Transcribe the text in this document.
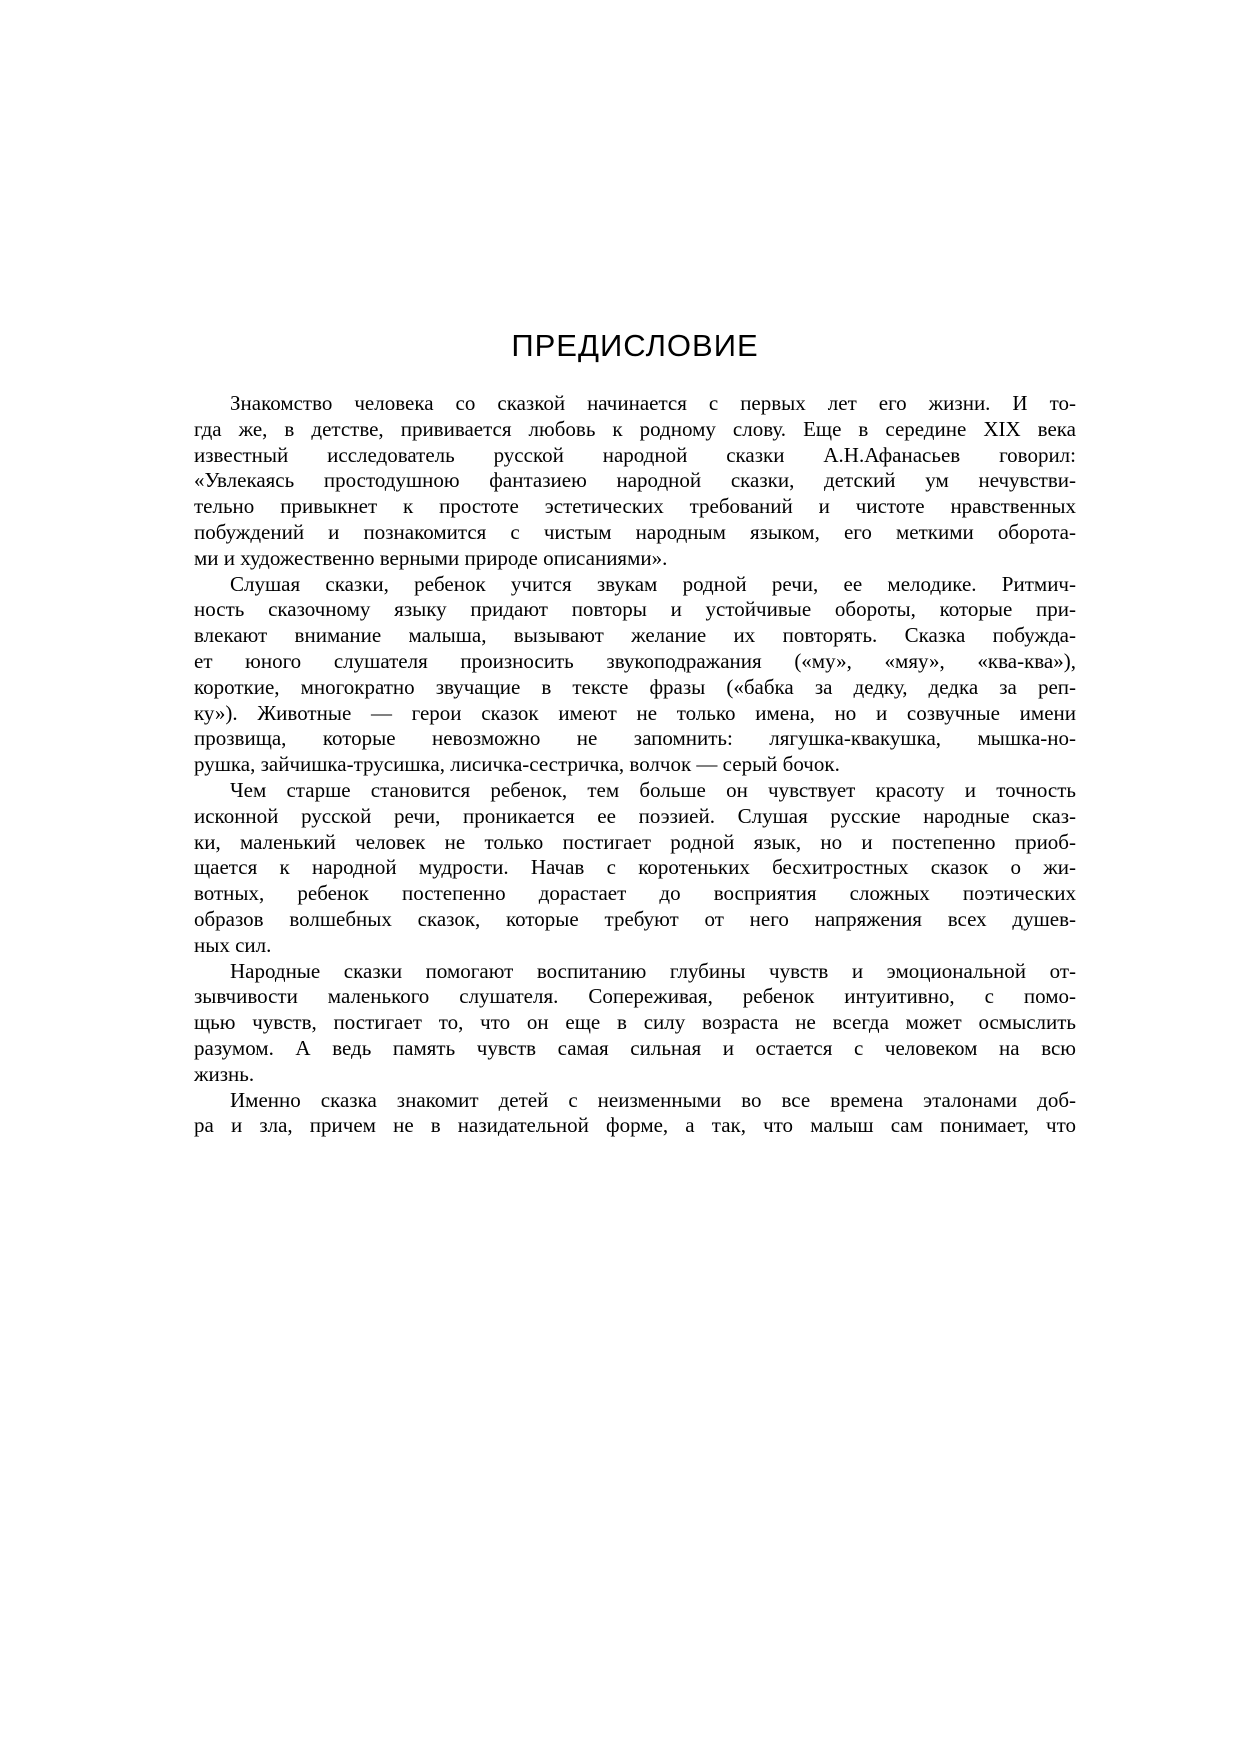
ПРЕДИСЛОВИЕ
Знакомство человека со сказкой начинается с первых лет его жизни. И то-
гда же, в детстве, прививается любовь к родному слову. Еще в середине XIX века
известный исследователь русской народной сказки А.Н.Афанасьев говорил:
«Увлекаясь простодушною фантазиею народной сказки, детский ум нечувстви-
тельно привыкнет к простоте эстетических требований и чистоте нравственных
побуждений и познакомится с чистым народным языком, его меткими оборота-
ми и художественно верными природе описаниями».
Слушая сказки, ребенок учится звукам родной речи, ее мелодике. Ритмич-
ность сказочному языку придают повторы и устойчивые обороты, которые при-
влекают внимание малыша, вызывают желание их повторять. Сказка побужда-
ет юного слушателя произносить звукоподражания («му», «мяу», «ква-ква»),
короткие, многократно звучащие в тексте фразы («бабка за дедку, дедка за реп-
ку»). Животные — герои сказок имеют не только имена, но и созвучные имени
прозвища, которые невозможно не запомнить: лягушка-квакушка, мышка-но-
рушка, зайчишка-трусишка, лисичка-сестричка, волчок — серый бочок.
Чем старше становится ребенок, тем больше он чувствует красоту и точность
исконной русской речи, проникается ее поэзией. Слушая русские народные сказ-
ки, маленький человек не только постигает родной язык, но и постепенно приоб-
щается к народной мудрости. Начав с коротеньких бесхитростных сказок о жи-
вотных, ребенок постепенно дорастает до восприятия сложных поэтических
образов волшебных сказок, которые требуют от него напряжения всех душев-
ных сил.
Народные сказки помогают воспитанию глубины чувств и эмоциональной от-
зывчивости маленького слушателя. Сопереживая, ребенок интуитивно, с помо-
щью чувств, постигает то, что он еще в силу возраста не всегда может осмыслить
разумом. А ведь память чувств самая сильная и остается с человеком на всю
жизнь.
Именно сказка знакомит детей с неизменными во все времена эталонами доб-
ра и зла, причем не в назидательной форме, а так, что малыш сам понимает, что
